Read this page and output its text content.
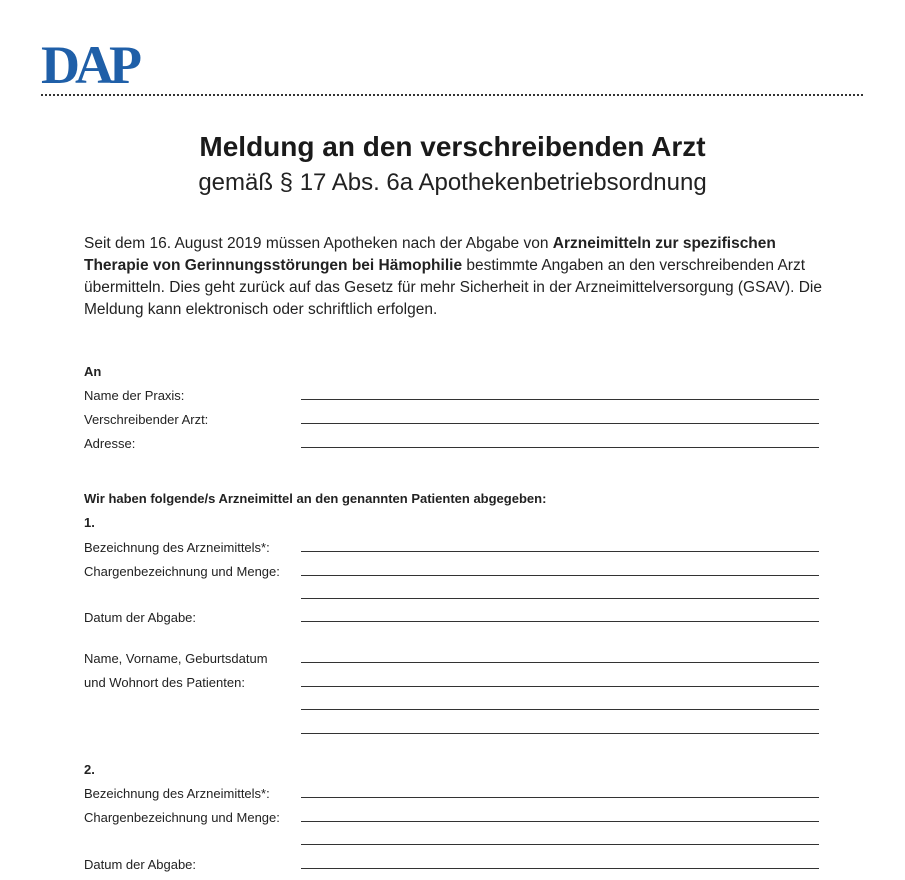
DAP
Meldung an den verschreibenden Arzt
gemäß § 17 Abs. 6a Apothekenbetriebsordnung
Seit dem 16. August 2019 müssen Apotheken nach der Abgabe von Arzneimitteln zur spezifischen Therapie von Gerinnungsstörungen bei Hämophilie bestimmte Angaben an den verschreibenden Arzt übermitteln. Dies geht zurück auf das Gesetz für mehr Sicherheit in der Arzneimittelversorgung (GSAV). Die Meldung kann elektronisch oder schriftlich erfolgen.
An
Name der Praxis:
Verschreibender Arzt:
Adresse:
Wir haben folgende/s Arzneimittel an den genannten Patienten abgegeben:
1.
Bezeichnung des Arzneimittels*:
Chargenbezeichnung und Menge:
Datum der Abgabe:
Name, Vorname, Geburtsdatum
und Wohnort des Patienten:
2.
Bezeichnung des Arzneimittels*:
Chargenbezeichnung und Menge:
Datum der Abgabe:
